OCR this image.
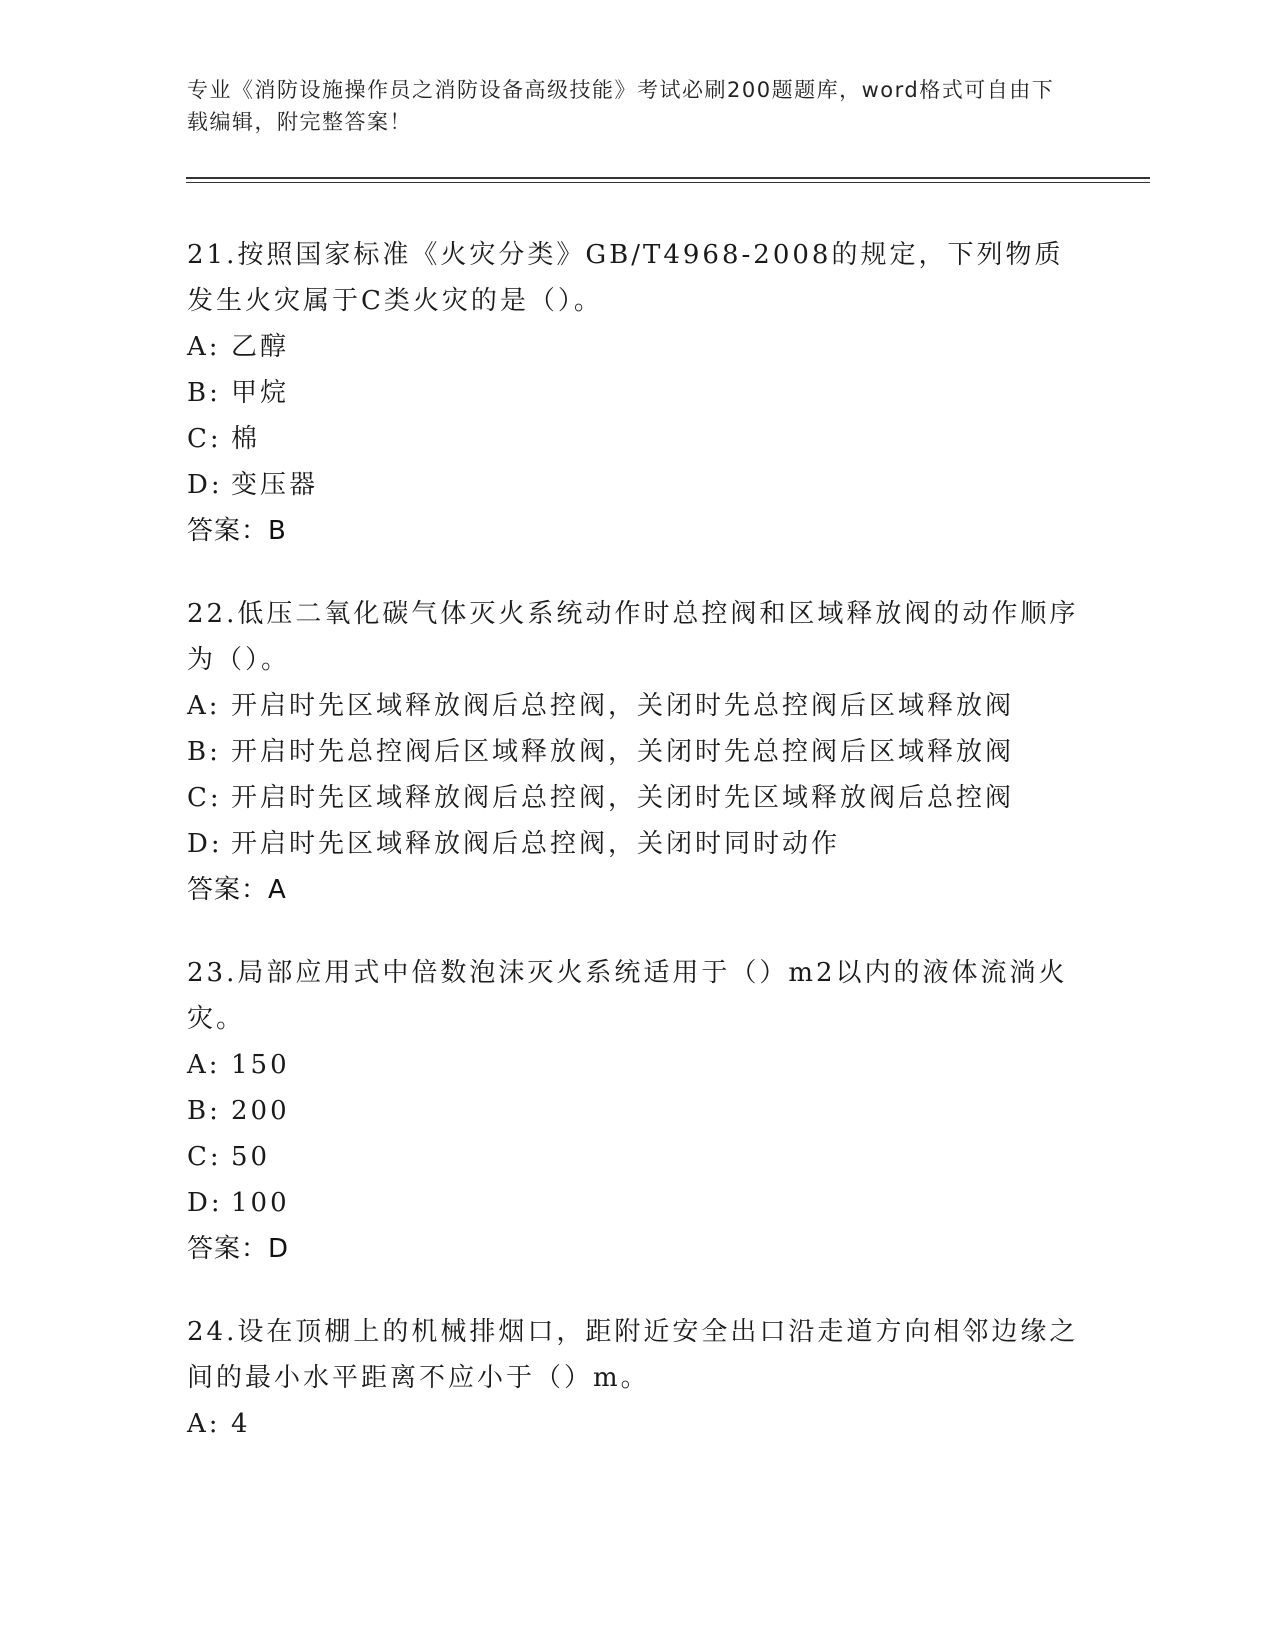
专业《消防设施操作员之消防设备高级技能》考试必刷200题题库，word格式可自由下载编辑，附完整答案！

21.按照国家标准《火灾分类》GB/T4968-2008的规定，下列物质发生火灾属于C类火灾的是（）。

A: 乙醇

B: 甲烷

C: 棉

D: 变压器

答案：B

22.低压二氧化碳气体灭火系统动作时总控阀和区域释放阀的动作顺序为（）。

A: 开启时先区域释放阀后总控阀，关闭时先总控阀后区域释放阀

B: 开启时先总控阀后区域释放阀，关闭时先总控阀后区域释放阀

C: 开启时先区域释放阀后总控阀，关闭时先区域释放阀后总控阀

D: 开启时先区域释放阀后总控阀，关闭时同时动作

答案：A

23.局部应用式中倍数泡沫灭火系统适用于（）m2以内的液体流淌火灾。

A: 150

B: 200

C: 50

D: 100

答案：D

24.设在顶棚上的机械排烟口，距附近安全出口沿走道方向相邻边缘之间的最小水平距离不应小于（）m。

A: 4
